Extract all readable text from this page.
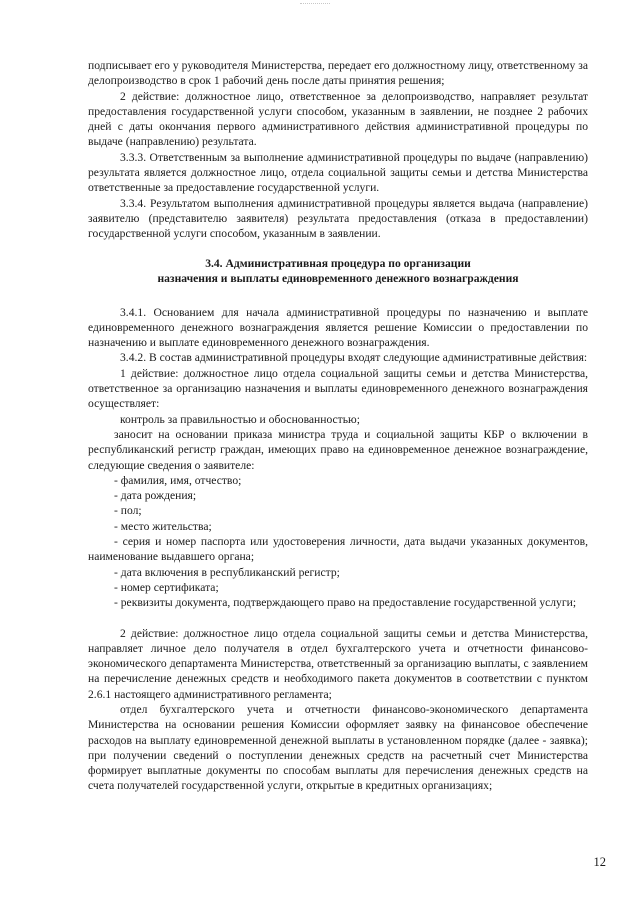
подписывает его у руководителя Министерства, передает его должностному лицу, ответственному за делопроизводство в срок 1 рабочий день после даты принятия решения;

2 действие: должностное лицо, ответственное за делопроизводство, направляет результат предоставления государственной услуги способом, указанным в заявлении, не позднее 2 рабочих дней с даты окончания первого административного действия административной процедуры по выдаче (направлению) результата.

3.3.3. Ответственным за выполнение административной процедуры по выдаче (направлению) результата является должностное лицо, отдела социальной защиты семьи и детства Министерства ответственные за предоставление государственной услуги.

3.3.4. Результатом выполнения административной процедуры является выдача (направление) заявителю (представителю заявителя) результата предоставления (отказа в предоставлении) государственной услуги способом, указанным в заявлении.

3.4. Административная процедура по организации
назначения и выплаты единовременного денежного вознаграждения

3.4.1. Основанием для начала административной процедуры по назначению и выплате единовременного денежного вознаграждения является решение Комиссии о предоставлении по назначению и выплате единовременного денежного вознаграждения.

3.4.2. В состав административной процедуры входят следующие административные действия:

1 действие: должностное лицо отдела социальной защиты семьи и детства Министерства, ответственное за организацию назначения и выплаты единовременного денежного вознаграждения осуществляет:

контроль за правильностью и обоснованностью;

заносит на основании приказа министра труда и социальной защиты КБР о включении в республиканский регистр граждан, имеющих право на единовременное денежное вознаграждение, следующие сведения о заявителе:

- фамилия, имя, отчество;

- дата рождения;

- пол;

- место жительства;

- серия и номер паспорта или удостоверения личности, дата выдачи указанных документов, наименование выдавшего органа;

- дата включения в республиканский регистр;

- номер сертификата;

- реквизиты документа, подтверждающего право на предоставление государственной услуги;

2 действие: должностное лицо отдела социальной защиты семьи и детства Министерства, направляет личное дело получателя в отдел бухгалтерского учета и отчетности финансово-экономического департамента Министерства, ответственный за организацию выплаты, с заявлением на перечисление денежных средств и необходимого пакета документов в соответствии с пунктом 2.6.1 настоящего административного регламента;

отдел бухгалтерского учета и отчетности финансово-экономического департамента Министерства на основании решения Комиссии оформляет заявку на финансовое обеспечение расходов на выплату единовременной денежной выплаты в установленном порядке (далее - заявка); при получении сведений о поступлении денежных средств на расчетный счет Министерства формирует выплатные документы по способам выплаты для перечисления денежных средств на счета получателей государственной услуги, открытые в кредитных организациях;

12
